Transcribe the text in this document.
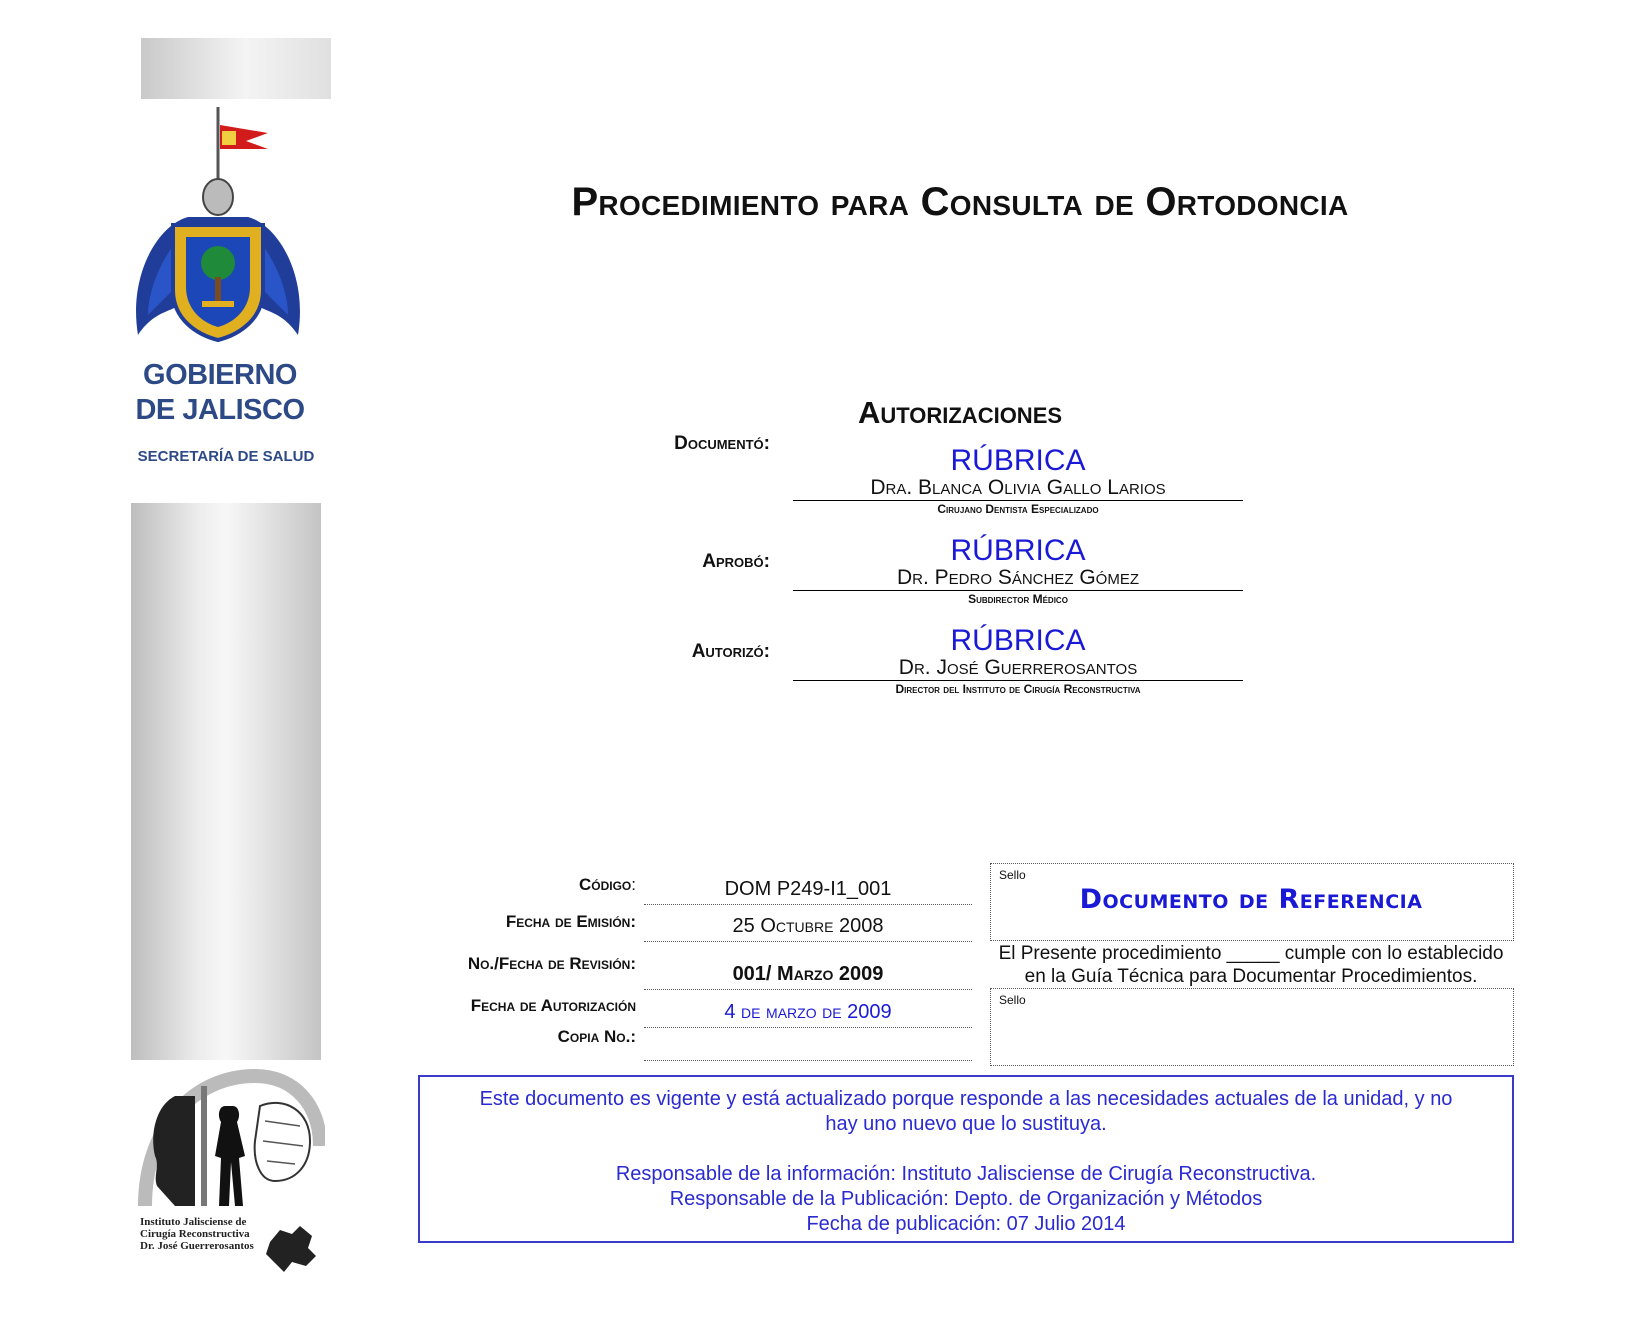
GOBIERNO
DE JALISCO
SECRETARÍA DE SALUD
Instituto Jalisciense de
Cirugía Reconstructiva
Dr. José Guerrerosantos
Procedimiento para Consulta de Ortodoncia
Autorizaciones
Documentó:
RÚBRICA
Dra. Blanca Olivia Gallo Larios
Cirujano Dentista Especializado
Aprobó:	RÚBRICA
Dr. Pedro Sánchez Gómez
Subdirector Médico
Autorizó:	RÚBRICA
Dr. José Guerrerosantos
Director del Instituto de Cirugía Reconstructiva
Código:	DOM P249-I1_001
Fecha de Emisión:	25 Octubre 2008
No./Fecha de Revisión:	001/ Marzo 2009
Fecha de Autorización	4 de marzo de 2009
Copia No.:
Sello
Documento de Referencia
El Presente procedimiento _____ cumple con lo establecido
en la Guía Técnica para Documentar Procedimientos.
Sello

Este documento es vigente y está actualizado porque responde a las necesidades actuales de la unidad, y no

hay uno nuevo que lo sustituya.

Responsable de la información: Instituto Jalisciense de Cirugía Reconstructiva.

Responsable de la Publicación: Depto. de Organización y Métodos

Fecha de publicación: 07 Julio 2014
